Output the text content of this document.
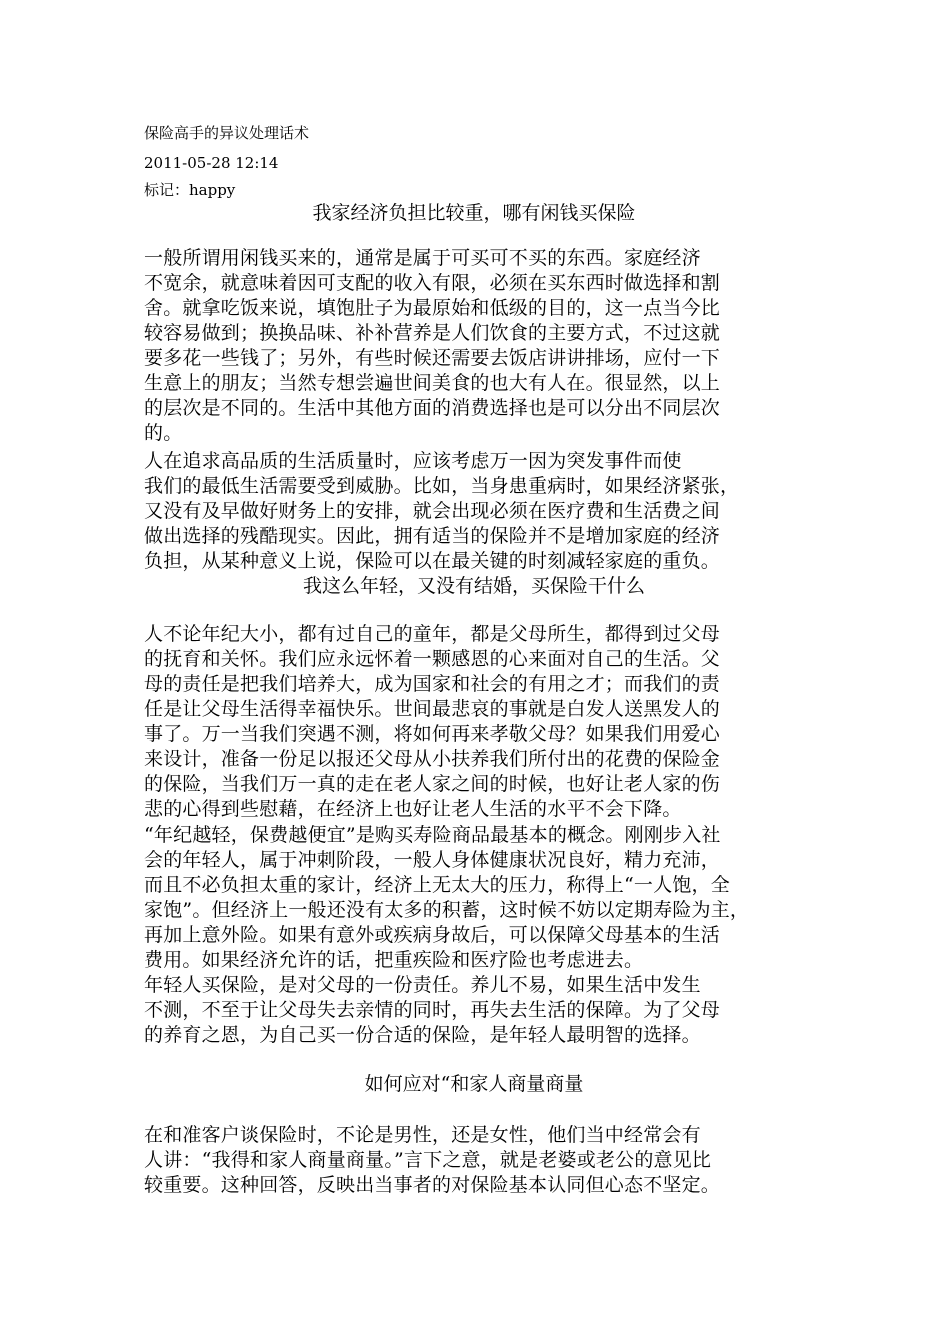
保险高手的异议处理话术
2011-05-28 12:14
标记：happy
我家经济负担比较重，哪有闲钱买保险
一般所谓用闲钱买来的，通常是属于可买可不买的东西。家庭经济
不宽余，就意味着因可支配的收入有限，必须在买东西时做选择和割
舍。就拿吃饭来说，填饱肚子为最原始和低级的目的，这一点当今比
较容易做到；换换品味、补补营养是人们饮食的主要方式，不过这就
要多花一些钱了；另外，有些时候还需要去饭店讲讲排场，应付一下
生意上的朋友；当然专想尝遍世间美食的也大有人在。很显然，以上
的层次是不同的。生活中其他方面的消费选择也是可以分出不同层次
的。
人在追求高品质的生活质量时，应该考虑万一因为突发事件而使
我们的最低生活需要受到威胁。比如，当身患重病时，如果经济紧张，
又没有及早做好财务上的安排，就会出现必须在医疗费和生活费之间
做出选择的残酷现实。因此，拥有适当的保险并不是增加家庭的经济
负担，从某种意义上说，保险可以在最关键的时刻减轻家庭的重负。
我这么年轻，又没有结婚，买保险干什么
人不论年纪大小，都有过自己的童年，都是父母所生，都得到过父母
的抚育和关怀。我们应永远怀着一颗感恩的心来面对自己的生活。父
母的责任是把我们培养大，成为国家和社会的有用之才；而我们的责
任是让父母生活得幸福快乐。世间最悲哀的事就是白发人送黑发人的
事了。万一当我们突遇不测，将如何再来孝敬父母？如果我们用爱心
来设计，准备一份足以报还父母从小扶养我们所付出的花费的保险金
的保险，当我们万一真的走在老人家之间的时候，也好让老人家的伤
悲的心得到些慰藉，在经济上也好让老人生活的水平不会下降。
“年纪越轻，保费越便宜”是购买寿险商品最基本的概念。刚刚步入社
会的年轻人，属于冲刺阶段，一般人身体健康状况良好，精力充沛，
而且不必负担太重的家计，经济上无太大的压力，称得上“一人饱，全
家饱”。但经济上一般还没有太多的积蓄，这时候不妨以定期寿险为主，
再加上意外险。如果有意外或疾病身故后，可以保障父母基本的生活
费用。如果经济允许的话，把重疾险和医疗险也考虑进去。
年轻人买保险，是对父母的一份责任。养儿不易，如果生活中发生
不测，不至于让父母失去亲情的同时，再失去生活的保障。为了父母
的养育之恩，为自己买一份合适的保险，是年轻人最明智的选择。
如何应对“和家人商量商量
在和准客户谈保险时，不论是男性，还是女性，他们当中经常会有
人讲：“我得和家人商量商量。”言下之意，就是老婆或老公的意见比
较重要。这种回答，反映出当事者的对保险基本认同但心态不坚定。
